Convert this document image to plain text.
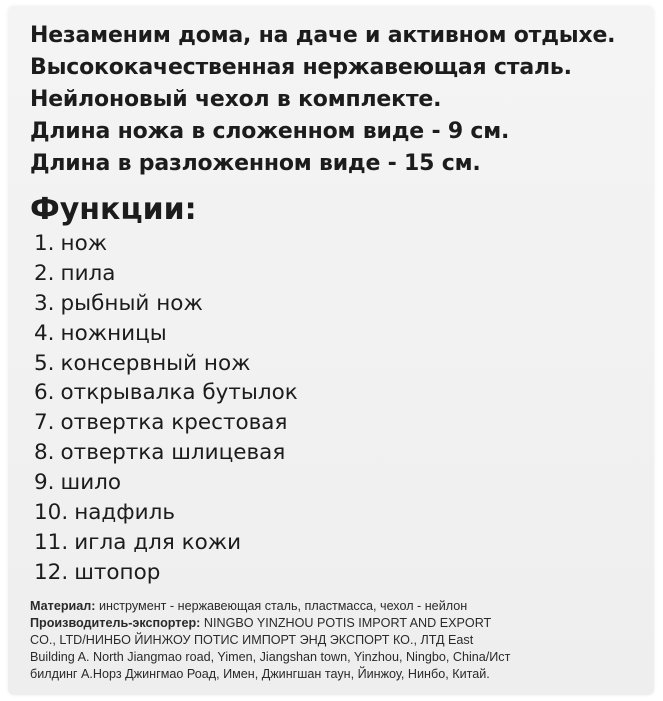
Незаменим дома, на даче и активном отдыхе.
Высококачественная нержавеющая сталь.
Нейлоновый чехол в комплекте.
Длина ножа в сложенном виде - 9 см.
Длина в разложенном виде - 15 см.
Функции:
1. нож
2. пила
3. рыбный нож
4. ножницы
5. консервный нож
6. открывалка бутылок
7. отвертка крестовая
8. отвертка шлицевая
9. шило
10. надфиль
11. игла для кожи
12. штопор
Материал: инструмент - нержавеющая сталь, пластмасса, чехол - нейлон
Производитель-экспортер: NINGBO YINZHOU POTIS IMPORT AND EXPORT
CO., LTD/НИНБО ЙИНЖОУ ПОТИС ИМПОРТ ЭНД ЭКСПОРТ КО., ЛТД East
Building A. North Jiangmao road, Yimen, Jiangshan town, Yinzhou, Ningbo, China/Ист
билдинг А.Норз Джингмао Роад, Имен, Джингшан таун, Йинжоу, Нинбо, Китай.
